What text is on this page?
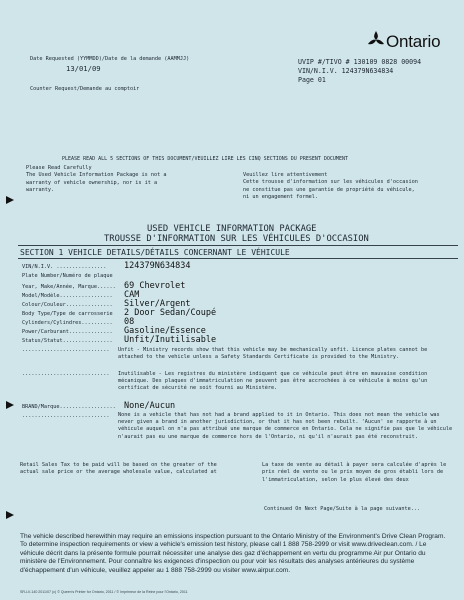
Ontario
Date Requested (YYMMDD)/Date de la demande (AAMMJJ)
13/01/09
Counter Request/Demande au comptoir
UVIP #/TIVO # 130109 0828 00094
VIN/N.I.V. 124379N634834
Page 01
PLEASE READ ALL 5 SECTIONS OF THIS DOCUMENT/VEUILLEZ LIRE LES CINQ SECTIONS DU PRESENT DOCUMENT
Please Read Carefully
The Used Vehicle Information Package is not a
warranty of vehicle ownership, nor is it a
warranty.
Veuillez lire attentivement
Cette trousse d'information sur les véhicules d'occasion
ne constitue pas une garantie de propriété du véhicule,
ni un engagement formel.
USED VEHICLE INFORMATION PACKAGE
TROUSSE D'INFORMATION SUR LES VÉHICULES D'OCCASION
SECTION 1 VEHICLE DETAILS/DÉTAILS CONCERNANT LE VÉHICULE
VIN/N.I.V. ................ 124379N634834
Plate Number/Numéro de plaque
Year, Make/Année, Marque...... 69 Chevrolet
Model/Modèle................. CAM
Colour/Couleur............... Silver/Argent
Body Type/Type de carrosserie 2 Door Sedan/Coupé
Cylinders/Cylindres.......... 08
Power/Carburant.............. Gasoline/Essence
Status/Statut................ Unfit/Inutilisable
............................ Unfit - Ministry records show that this vehicle may be mechanically unfit. Licence plates cannot be attached to the vehicle unless a Safety Standards Certificate is provided to the Ministry.
............................ Inutilisable - Les registres du ministère indiquent que ce véhicule peut être en mauvaise condition mécanique. Des plaques d'immatriculation ne peuvent pas être accrochées à ce véhicule à moins qu'un certificat de sécurité ne soit fourni au Ministère.
BRAND/Marque.................. None/Aucun
............................ None is a vehicle that has not had a brand applied to it in Ontario. This does not mean the vehicle was never given a brand in another jurisdiction, or that it has not been rebuilt. 'Aucun' se rapporte à un véhicule auquel on n'a pas attribué une marque de commerce en Ontario. Cela ne signifie pas que le véhicule n'aurait pas eu une marque de commerce hors de l'Ontario, ni qu'il n'aurait pas été reconstruit.
Retail Sales Tax to be paid will be based on the greater of the actual sale price or the average wholesale value, calculated at
La taxe de vente au détail à payer sera calculée d'après le prix réel de vente ou le prix moyen de gros établi lors de l'immatriculation, selon le plus élevé des deux
Continued On Next Page/Suite à la page suivante...
The vehicle described herewithin may require an emissions inspection pursuant to the Ontario Ministry of the Environment's Drive Clean Program. To determine inspection requirements or view a vehicle's emission test history, please call 1 888 758-2999 or visit www.driveclean.com. / Le véhicule décrit dans la présente formule pourrait nécessiter une analyse des gaz d'échappement en vertu du programme Air pur Ontario du ministère de l'Environnement. Pour connaître les exigences d'inspection ou pour voir les résultats des analyses antérieures du système d'échappement d'un véhicule, veuillez appeler au 1 888 758-2999 ou visiter www.airpur.com.
SR-LV-140 2011/07 (c) © Queen's Printer for Ontario, 2011 / © Imprimeur de la Reine pour l'Ontario, 2011
